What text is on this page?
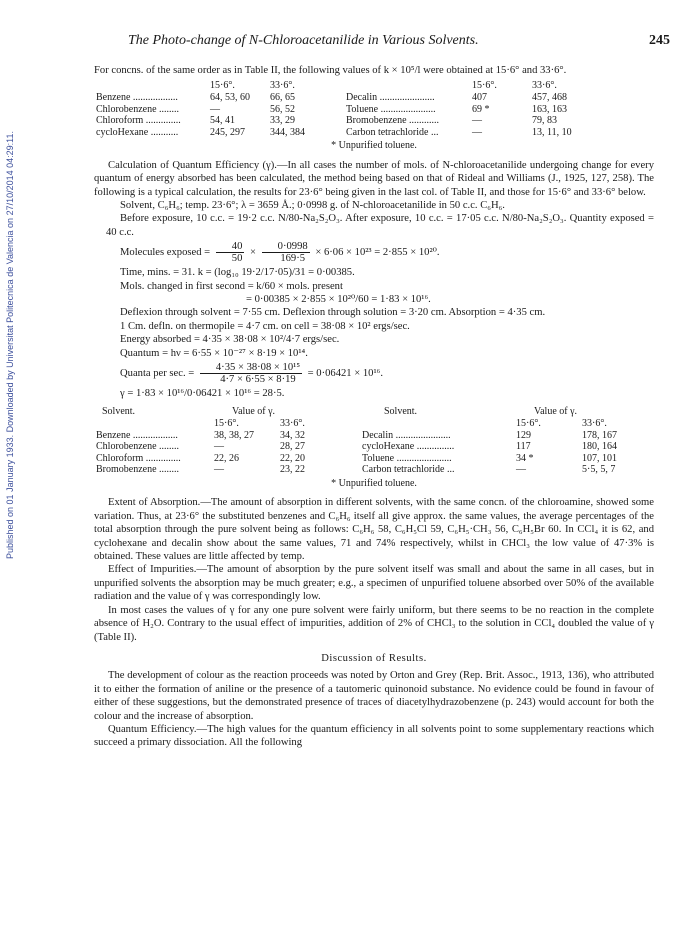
Published on 01 January 1933. Downloaded by Universitat Politecnica de Valencia on 27/10/2014 04:29:11.
The Photo-change of N-Chloroacetanilide in Various Solvents.	245

For concns. of the same order as in Table II, the following values of k × 10⁵/l were obtained at 15·6° and 33·6°.

	15·6°.	33·6°.		15·6°.	33·6°.
Benzene ..................	64, 53, 60	66, 65	Decalin ......................	407	457, 468
Chlorobenzene ........	—	56, 52	Toluene ......................	69 *	163, 163
Chloroform ..............	54, 41	33, 29	Bromobenzene ............	—	79, 83
cycloHexane ...........	245, 297	344, 384	Carbon tetrachloride ...	—	13, 11, 10
* Unpurified toluene.

Calculation of Quantum Efficiency (γ).—In all cases the number of mols. of N-chloroacetanilide undergoing change for every quantum of energy absorbed has been calculated, the method being based on that of Rideal and Williams (J., 1925, 127, 258). The following is a typical calculation, the results for 23·6° being given in the last col. of Table II, and those for 15·6° and 33·6° below.

Solvent, C₆H₆; temp. 23·6°; λ = 3659 Å.; 0·0998 g. of N-chloroacetanilide in 50 c.c. C₆H₆.

Before exposure, 10 c.c. = 19·2 c.c. N/80-Na₂S₂O₃. After exposure, 10 c.c. = 17·05 c.c. N/80-Na₂S₂O₃. Quantity exposed = 40 c.c.

Molecules exposed = $\frac{40}{50} \times \frac{0\cdot 0998}{169\cdot 5} \times 6\cdot 06 \times 10^{23} = 2\cdot 855 \times 10^{20}$.

Time, mins. = 31. k = (log₁₀ 19·2/17·05)/31 = 0·00385.

Mols. changed in first second = k/60 × mols. present

= 0·00385 × 2·855 × 10²⁰/60 = 1·83 × 10¹⁶.

Deflexion through solvent = 7·55 cm. Deflexion through solution = 3·20 cm. Absorption = 4·35 cm.

1 Cm. defln. on thermopile = 4·7 cm. on cell = 38·08 × 10² ergs/sec.

Energy absorbed = 4·35 × 38·08 × 10²/4·7 ergs/sec.

Quantum = hν = 6·55 × 10⁻²⁷ × 8·19 × 10¹⁴.

Quanta per sec. = $\frac{\text{4·35 × 38·08 × 10¹⁵}}{4\cdot 7 \times 6\cdot 55 \times 8\cdot 19} = 0\cdot 06421 \times 10^{16}$.

γ = 1·83 × 10¹⁶/0·06421 × 10¹⁶ = 28·5.

Solvent.	Value of γ.		Solvent.	Value of γ.	
	15·6°.	33·6°.		15·6°.	33·6°.
Benzene ..................	38, 38, 27	34, 32	Decalin ......................	129	178, 167
Chlorobenzene ........	—	28, 27	cycloHexane ...............	117	180, 164
Chloroform ..............	22, 26	22, 20	Toluene ......................	34 *	107, 101
Bromobenzene ........	—	23, 22	Carbon tetrachloride ...	—	5·5, 5, 7
* Unpurified toluene.

Extent of Absorption.—The amount of absorption in different solvents, with the same concn. of the chloroamine, showed some variation. Thus, at 23·6° the substituted benzenes and C₆H₆ itself all give approx. the same values, the average percentages of the total absorption through the pure solvent being as follows: C₆H₆ 58, C₆H₅Cl 59, C₆H₅·CH₃ 56, C₆H₅Br 60. In CCl₄ it is 62, and cyclohexane and decalin show about the same values, 71 and 74% respectively, whilst in CHCl₃ the low value of 47·3% is obtained. These values are little affected by temp.

Effect of Impurities.—The amount of absorption by the pure solvent itself was small and about the same in all cases, but in unpurified solvents the absorption may be much greater; e.g., a specimen of unpurified toluene absorbed over 50% of the available radiation and the value of γ was correspondingly low.

In most cases the values of γ for any one pure solvent were fairly uniform, but there seems to be no reaction in the complete absence of H₂O. Contrary to the usual effect of impurities, addition of 2% of CHCl₃ to the solution in CCl₄ doubled the value of γ (Table II).

Discussion of Results.

The development of colour as the reaction proceeds was noted by Orton and Grey (Rep. Brit. Assoc., 1913, 136), who attributed it to either the formation of aniline or the presence of a tautomeric quinonoid substance. No evidence could be found in favour of either of these suggestions, but the demonstrated presence of traces of diacetylhydrazobenzene (p. 243) would account for both the colour and the increase of absorption.

Quantum Efficiency.—The high values for the quantum efficiency in all solvents point to some supplementary reactions which succeed a primary dissociation. All the following
